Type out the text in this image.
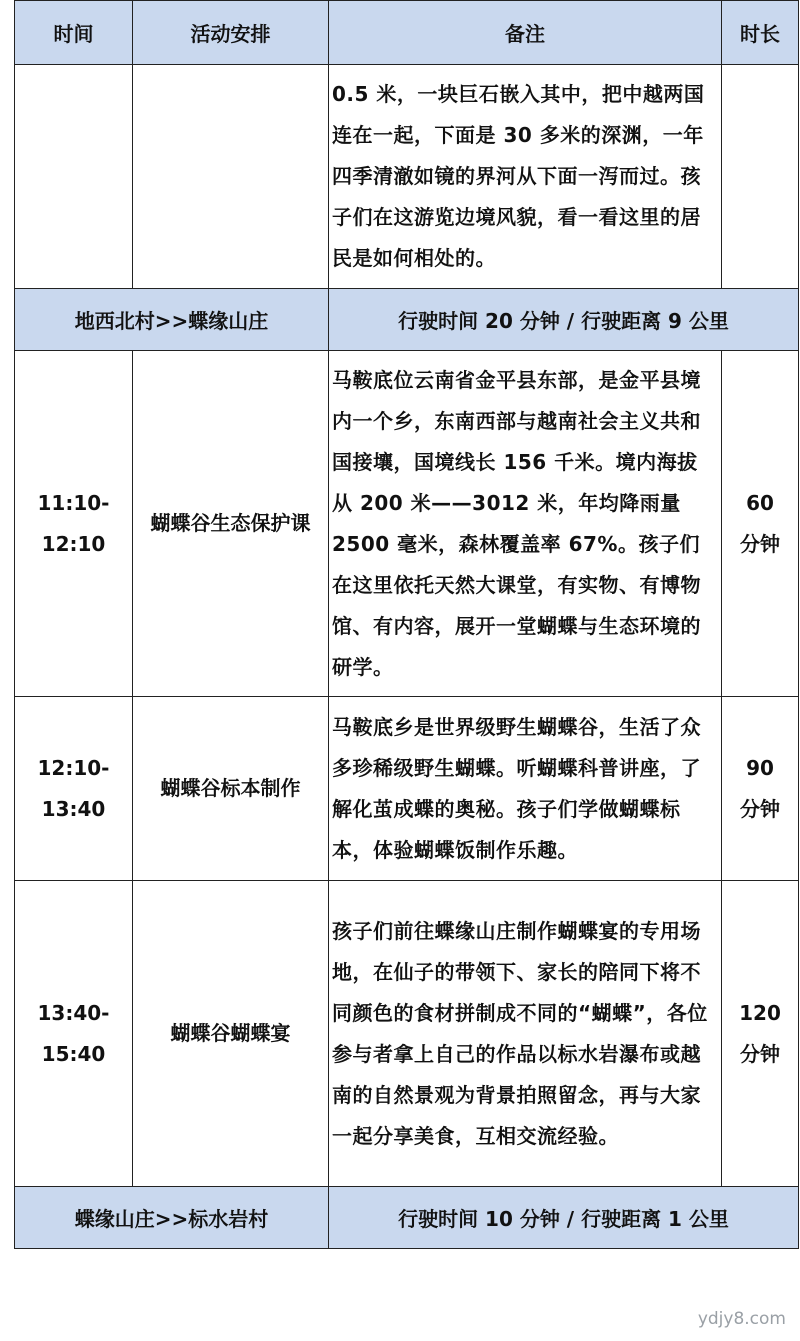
时间	活动安排	备注	时长
		0.5 米，一块巨石嵌入其中，把中越两国连在一起，下面是 30 多米的深渊，一年四季清澈如镜的界河从下面一泻而过。孩子们在这游览边境风貌，看一看这里的居民是如何相处的。	
地西北村>>蝶缘山庄		行驶时间 20 分钟 / 行驶距离 9 公里	
11:10-12:10	蝴蝶谷生态保护课	马鞍底位云南省金平县东部，是金平县境内一个乡，东南西部与越南社会主义共和国接壤，国境线长 156 千米。境内海拔从 200 米——3012 米，年均降雨量 2500 毫米，森林覆盖率 67%。孩子们在这里依托天然大课堂，有实物、有博物馆、有内容，展开一堂蝴蝶与生态环境的研学。	60 分钟
12:10-13:40	蝴蝶谷标本制作	马鞍底乡是世界级野生蝴蝶谷，生活了众多珍稀级野生蝴蝶。听蝴蝶科普讲座，了解化茧成蝶的奥秘。孩子们学做蝴蝶标本，体验蝴蝶饭制作乐趣。	90 分钟
13:40-15:40	蝴蝶谷蝴蝶宴	孩子们前往蝶缘山庄制作蝴蝶宴的专用场地，在仙子的带领下、家长的陪同下将不同颜色的食材拼制成不同的“蝴蝶”，各位参与者拿上自己的作品以标水岩瀑布或越南的自然景观为背景拍照留念，再与大家一起分享美食，互相交流经验。	120 分钟
蝶缘山庄>>标水岩村		行驶时间 10 分钟 / 行驶距离 1 公里	
ydjy8.com
